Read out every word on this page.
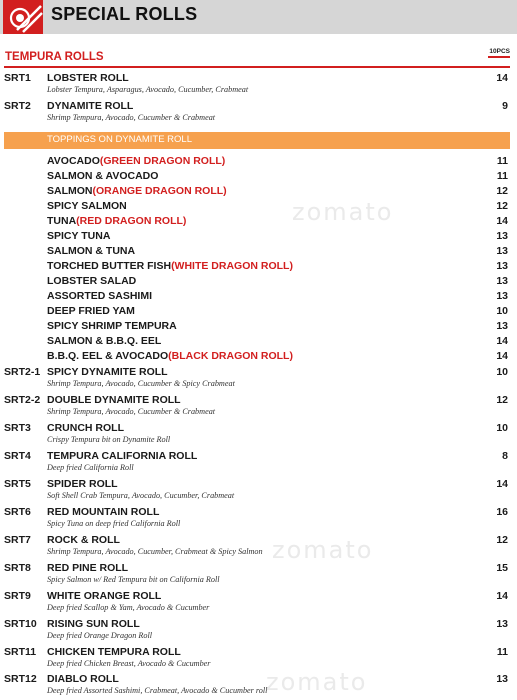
SPECIAL ROLLS
TEMPURA ROLLS	10PCS
zomato
zomato
zomato
SRT1 LOBSTER ROLL	14
Lobster Tempura, Asparagus, Avocado, Cucumber, Crabmeat
SRT2 DYNAMITE ROLL	9
Shrimp Tempura, Avocado, Cucumber & Crabmeat
TOPPINGS ON DYNAMITE ROLL
AVOCADO(GREEN DRAGON ROLL)	11
SALMON & AVOCADO	11
SALMON(ORANGE DRAGON ROLL)	12
SPICY SALMON	12
TUNA(RED DRAGON ROLL)	14
SPICY TUNA	13
SALMON & TUNA	13
TORCHED BUTTER FISH(WHITE DRAGON ROLL)	13
LOBSTER SALAD	13
ASSORTED SASHIMI	13
DEEP FRIED YAM	10
SPICY SHRIMP TEMPURA	13
SALMON & B.B.Q. EEL	14
B.B.Q. EEL & AVOCADO(BLACK DRAGON ROLL)	14
SRT2-1 SPICY DYNAMITE ROLL	10
Shrimp Tempura, Avocado, Cucumber & Spicy Crabmeat
SRT2-2 DOUBLE DYNAMITE ROLL	12
Shrimp Tempura, Avocado, Cucumber & Crabmeat
SRT3 CRUNCH ROLL	10
Crispy Tempura bit on Dynamite Roll
SRT4 TEMPURA CALIFORNIA ROLL	8
Deep fried California Roll
SRT5 SPIDER ROLL	14
Soft Shell Crab Tempura, Avocado, Cucumber, Crabmeat
SRT6 RED MOUNTAIN ROLL	16
Spicy Tuna on deep fried California Roll
SRT7 ROCK & ROLL	12
Shrimp Tempura, Avocado, Cucumber, Crabmeat & Spicy Salmon
SRT8 RED PINE ROLL	15
Spicy Salmon w/ Red Tempura bit on California Roll
SRT9 WHITE ORANGE ROLL	14
Deep fried Scallop & Yam, Avocado & Cucumber
SRT10 RISING SUN ROLL	13
Deep fried Orange Dragon Roll
SRT11 CHICKEN TEMPURA ROLL	11
Deep fried Chicken Breast, Avocado & Cucumber
SRT12 DIABLO ROLL	13
Deep fried Assorted Sashimi, Crabmeat, Avocado & Cucumber roll
